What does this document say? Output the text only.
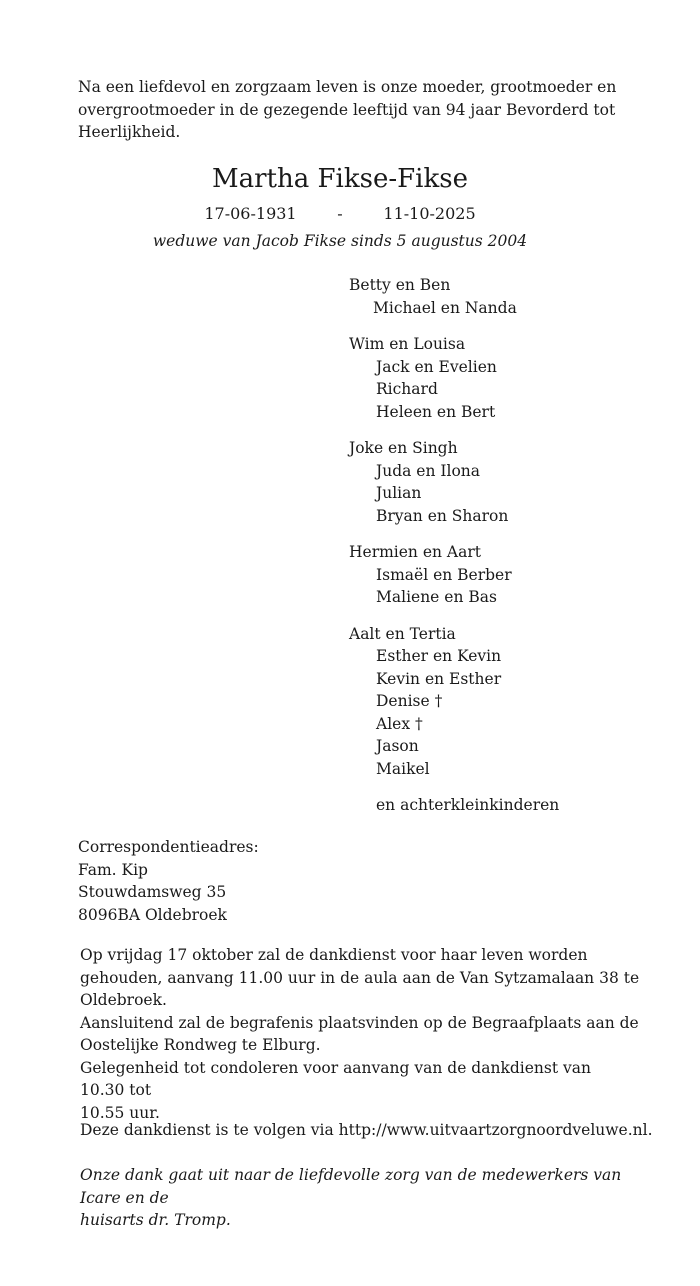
Na een liefdevol en zorgzaam leven is onze moeder, grootmoeder en
overgrootmoeder in de gezegende leeftijd van 94 jaar Bevorderd tot
Heerlijkheid.
Martha Fikse-Fikse
17-06-1931        -        11-10-2025
weduwe van Jacob Fikse sinds 5 augustus 2004
Betty en Ben
Michael en Nanda
Wim en Louisa
Jack en Evelien
Richard
Heleen en Bert
Joke en Singh
Juda en Ilona
Julian
Bryan en Sharon
Hermien en Aart
Ismaël en Berber
Maliene en Bas
Aalt en Tertia
Esther en Kevin
Kevin en Esther
Denise †
Alex †
Jason
Maikel
en achterkleinkinderen
Correspondentieadres:
Fam. Kip
Stouwdamsweg 35
8096BA Oldebroek
Op vrijdag 17 oktober zal de dankdienst voor haar leven worden
gehouden, aanvang 11.00 uur in de aula aan de Van Sytzamalaan 38 te
Oldebroek.
Aansluitend zal de begrafenis plaatsvinden op de Begraafplaats aan de
Oostelijke Rondweg te Elburg.
Gelegenheid tot condoleren voor aanvang van de dankdienst van 10.30 tot
10.55 uur.
Deze dankdienst is te volgen via http://www.uitvaartzorgnoordveluwe.nl.
Onze dank gaat uit naar de liefdevolle zorg van de medewerkers van Icare en de
huisarts dr. Tromp.
